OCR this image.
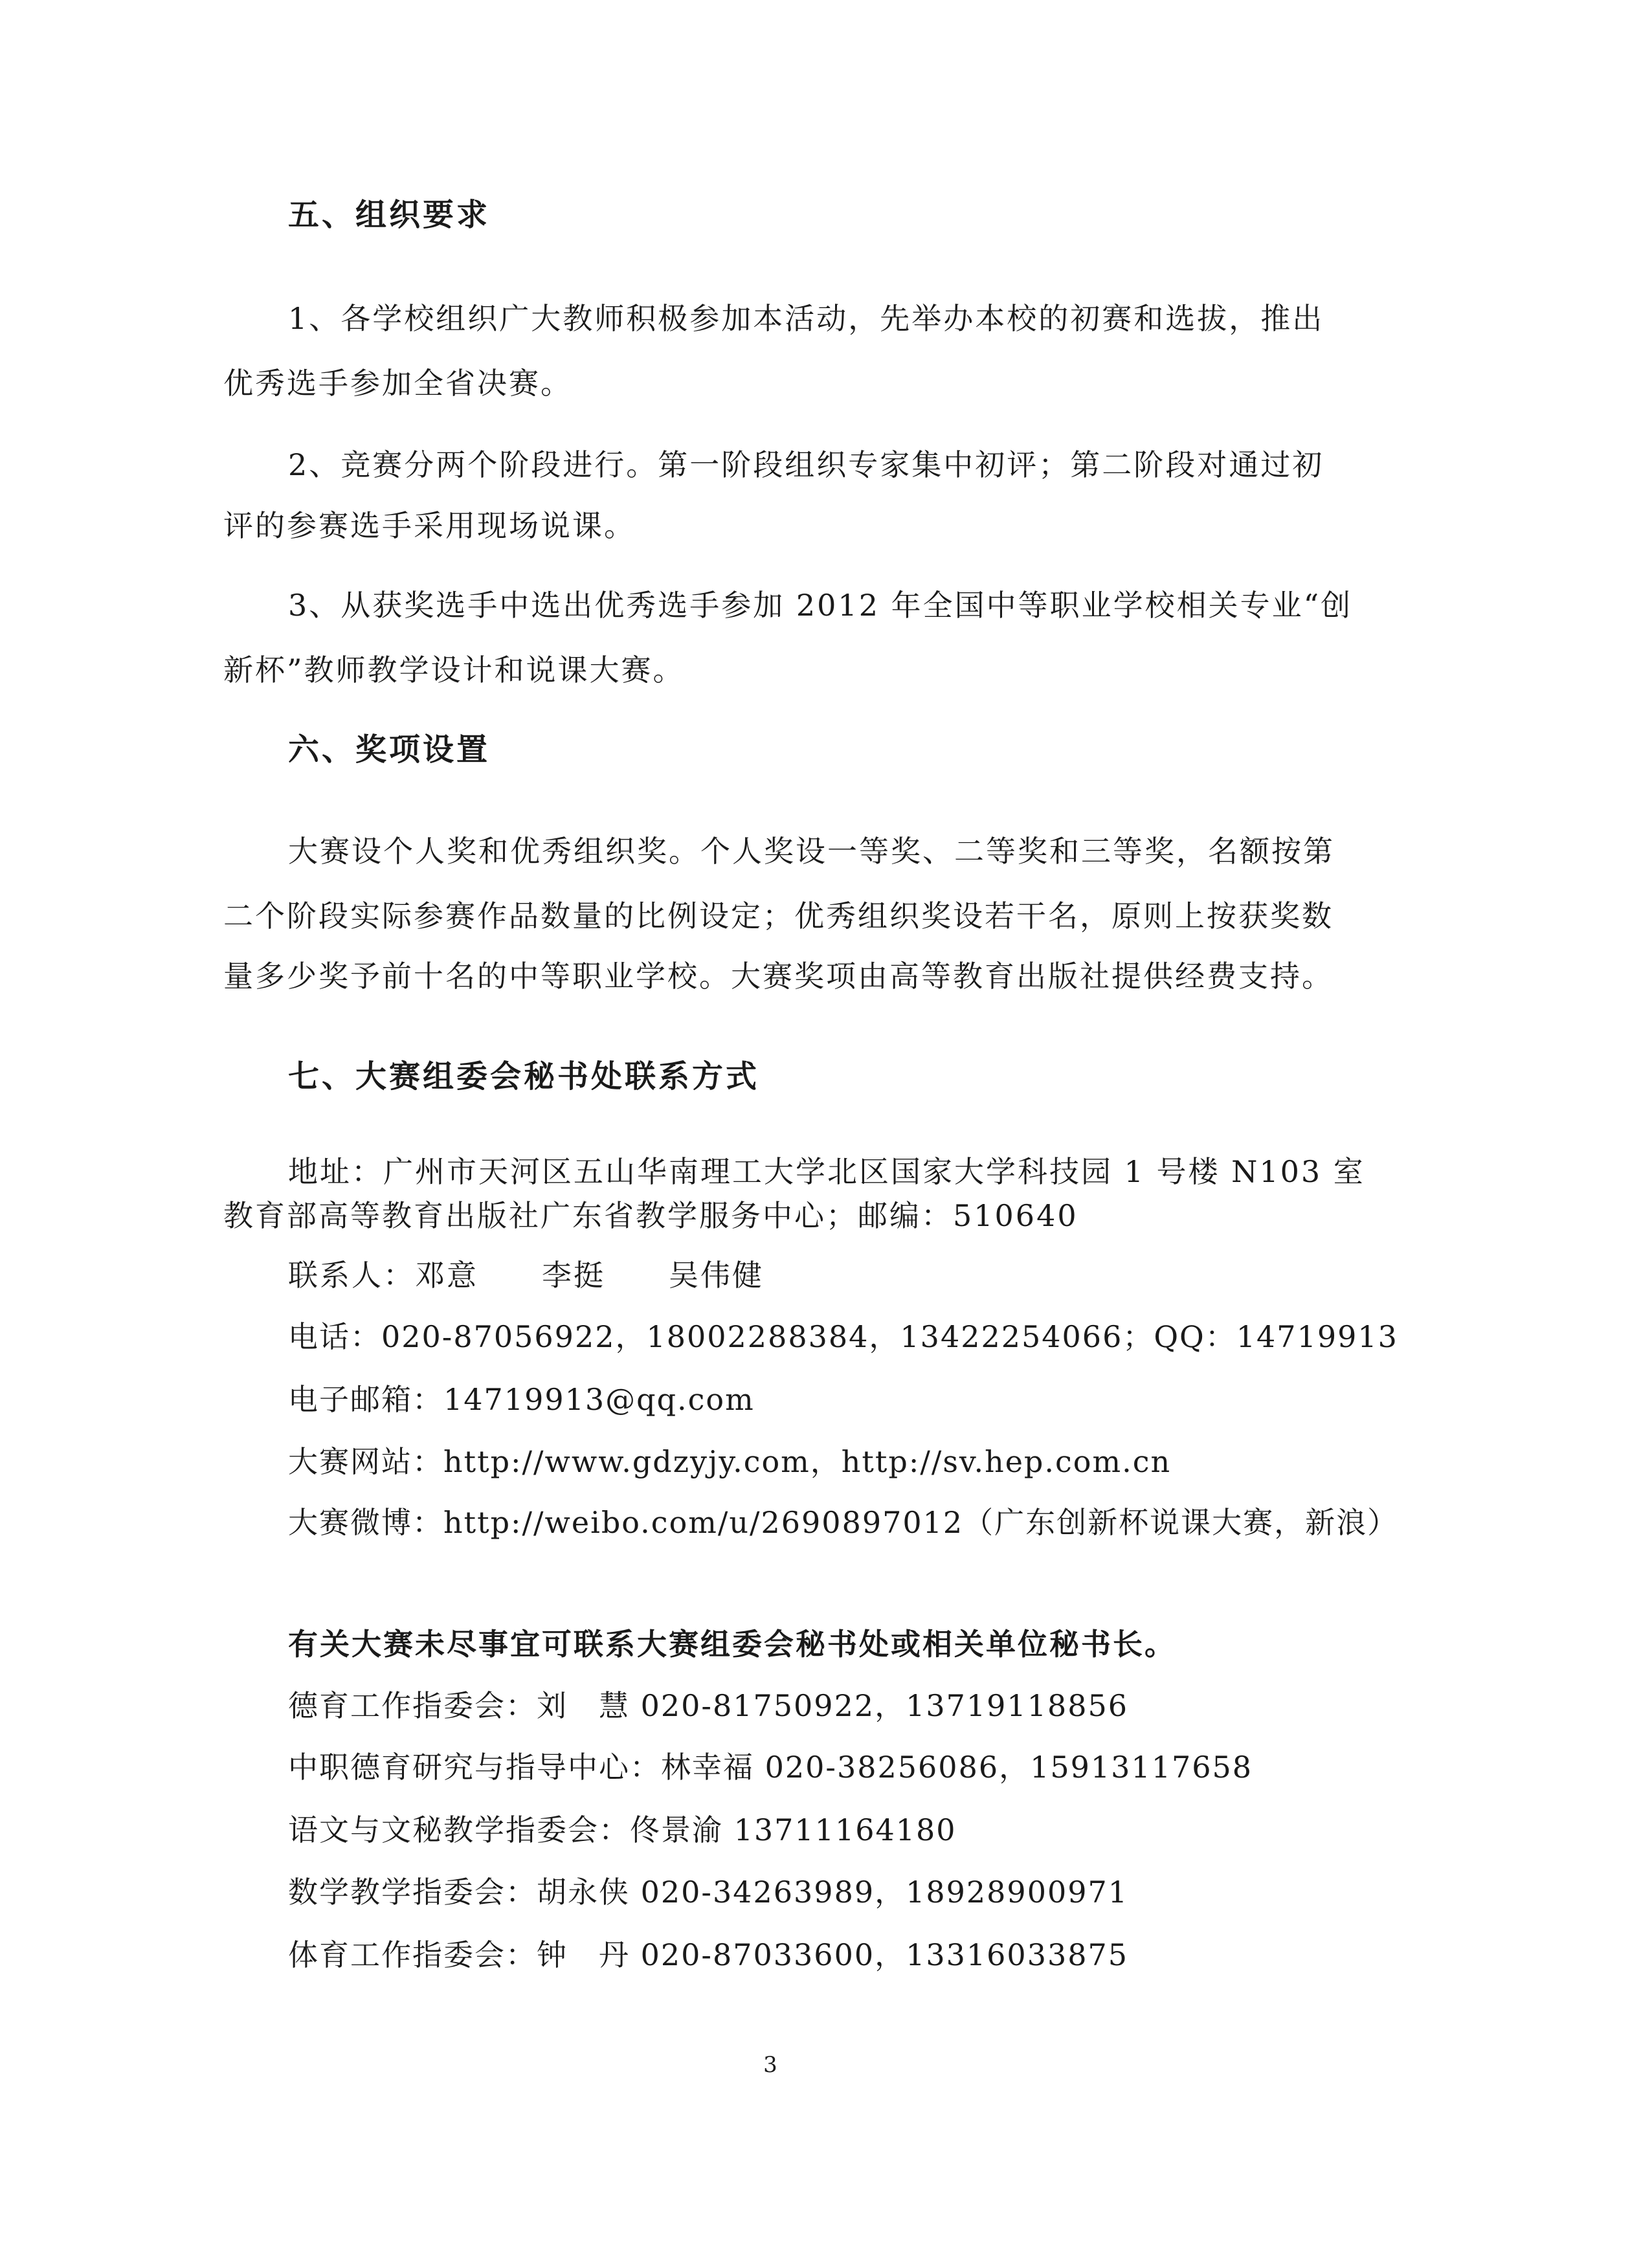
五、组织要求
1、各学校组织广大教师积极参加本活动，先举办本校的初赛和选拔，推出
优秀选手参加全省决赛。
2、竞赛分两个阶段进行。第一阶段组织专家集中初评；第二阶段对通过初
评的参赛选手采用现场说课。
3、从获奖选手中选出优秀选手参加 2012 年全国中等职业学校相关专业“创
新杯”教师教学设计和说课大赛。
六、奖项设置
大赛设个人奖和优秀组织奖。个人奖设一等奖、二等奖和三等奖，名额按第
二个阶段实际参赛作品数量的比例设定；优秀组织奖设若干名，原则上按获奖数
量多少奖予前十名的中等职业学校。大赛奖项由高等教育出版社提供经费支持。
七、大赛组委会秘书处联系方式
地址：广州市天河区五山华南理工大学北区国家大学科技园 1 号楼 N103 室
教育部高等教育出版社广东省教学服务中心；邮编：510640
联系人：邓意　　李挺　　吴伟健
电话：020-87056922，18002288384，13422254066；QQ：14719913
电子邮箱：14719913@qq.com
大赛网站：http://www.gdzyjy.com，http://sv.hep.com.cn
大赛微博：http://weibo.com/u/2690897012（广东创新杯说课大赛，新浪）
有关大赛未尽事宜可联系大赛组委会秘书处或相关单位秘书长。
德育工作指委会：刘　慧 020-81750922，13719118856
中职德育研究与指导中心：林幸福 020-38256086，15913117658
语文与文秘教学指委会：佟景渝 13711164180
数学教学指委会：胡永侠 020-34263989，18928900971
体育工作指委会：钟　丹 020-87033600，13316033875
3
